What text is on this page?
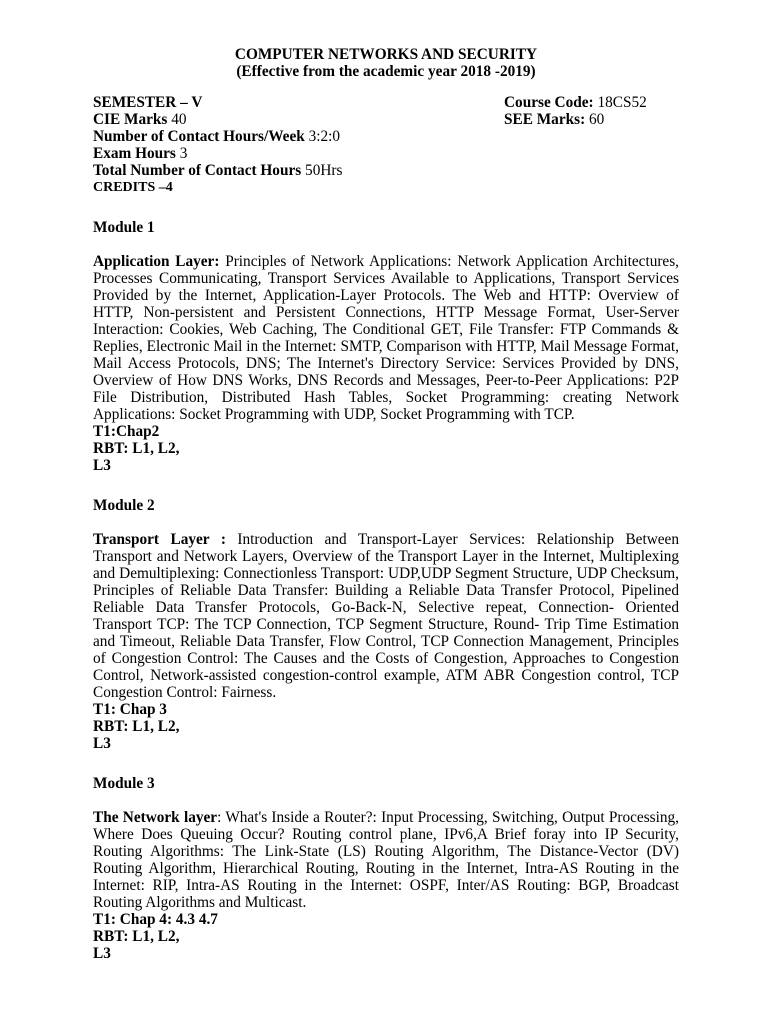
COMPUTER NETWORKS AND SECURITY

(Effective from the academic year 2018 -2019)

SEMESTER – V	Course Code: 18CS52
CIE Marks 40	SEE Marks: 60
Number of Contact Hours/Week 3:2:0
Exam Hours 3
Total Number of Contact Hours 50Hrs
CREDITS –4
Module 1
Application Layer: Principles of Network Applications: Network Application Architectures, Processes Communicating, Transport Services Available to Applications, Transport Services Provided by the Internet, Application-Layer Protocols. The Web and HTTP: Overview of HTTP, Non-persistent and Persistent Connections, HTTP Message Format, User-Server Interaction: Cookies, Web Caching, The Conditional GET, File Transfer: FTP Commands & Replies, Electronic Mail in the Internet: SMTP, Comparison with HTTP, Mail Message Format, Mail Access Protocols, DNS; The Internet's Directory Service: Services Provided by DNS, Overview of How DNS Works, DNS Records and Messages, Peer-to-Peer Applications: P2P File Distribution, Distributed Hash Tables, Socket Programming: creating Network Applications: Socket Programming with UDP, Socket Programming with TCP.
T1:Chap2
RBT: L1, L2,
L3
Module 2
Transport Layer : Introduction and Transport-Layer Services: Relationship Between Transport and Network Layers, Overview of the Transport Layer in the Internet, Multiplexing and Demultiplexing: Connectionless Transport: UDP,UDP Segment Structure, UDP Checksum, Principles of Reliable Data Transfer: Building a Reliable Data Transfer Protocol, Pipelined Reliable Data Transfer Protocols, Go-Back-N, Selective repeat, Connection- Oriented Transport TCP: The TCP Connection, TCP Segment Structure, Round- Trip Time Estimation and Timeout, Reliable Data Transfer, Flow Control, TCP Connection Management, Principles of Congestion Control: The Causes and the Costs of Congestion, Approaches to Congestion Control, Network-assisted congestion-control example, ATM ABR Congestion control, TCP Congestion Control: Fairness.
T1: Chap 3
RBT: L1, L2,
L3
Module 3
The Network layer: What's Inside a Router?: Input Processing, Switching, Output Processing, Where Does Queuing Occur? Routing control plane, IPv6,A Brief foray into IP Security, Routing Algorithms: The Link-State (LS) Routing Algorithm, The Distance-Vector (DV) Routing Algorithm, Hierarchical Routing, Routing in the Internet, Intra-AS Routing in the Internet: RIP, Intra-AS Routing in the Internet: OSPF, Inter/AS Routing: BGP, Broadcast Routing Algorithms and Multicast.
T1: Chap 4: 4.3 4.7
RBT: L1, L2,
L3
